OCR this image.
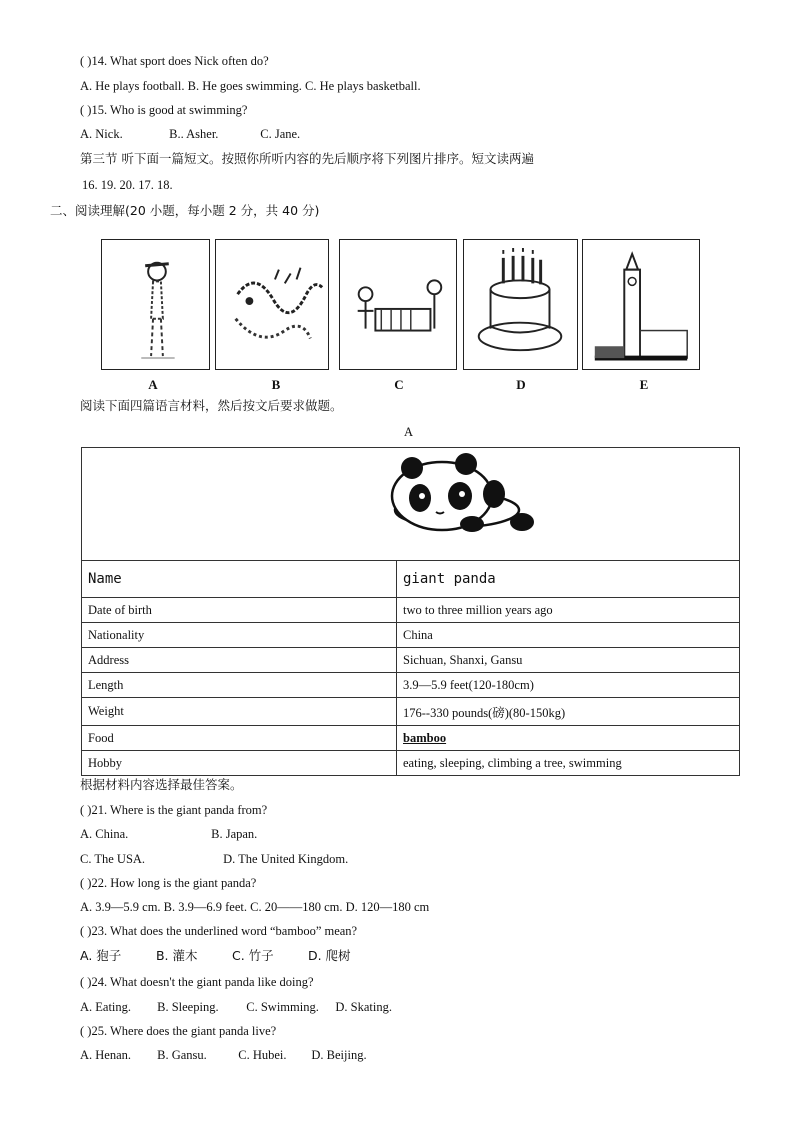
( )14. What sport does Nick often do?
A. He plays football. B. He goes swimming. C. He plays basketball.
( )15. Who is good at swimming?
A. Nick.	B.. Asher.	C. Jane.
第三节 听下面一篇短文。按照你所听内容的先后顺序将下列图片排序。短文读两遍
16. 19. 20. 17. 18.
二、阅读理解(20 小题，每小题 2 分，共 40 分)
A	B	C	D	E
阅读下面四篇语言材料，然后按文后要求做题。
A
Name	giant panda
Date of birth	two to three million years ago
Nationality	China
Address	Sichuan, Shanxi, Gansu
Length	3.9—5.9 feet(120-180cm)
Weight	176--330 pounds(磅)(80-150kg)
Food	bamboo
Hobby	eating, sleeping, climbing a tree, swimming
根据材料内容选择最佳答案。
( )21. Where is the giant panda from?
A. China.	B. Japan.
C. The USA.	D. The United Kingdom.
( )22. How long is the giant panda?
A. 3.9—5.9 cm. B. 3.9—6.9 feet. C. 20——180 cm. D. 120—180 cm
( )23. What does the underlined word “bamboo” mean?
A. 狍子	B. 灌木	C. 竹子	D. 爬树
( )24. What doesn't the giant panda like doing?
A. Eating. B. Sleeping. C. Swimming. D. Skating.
( )25. Where does the giant panda live?
A. Henan. B. Gansu.	C. Hubei. D. Beijing.
